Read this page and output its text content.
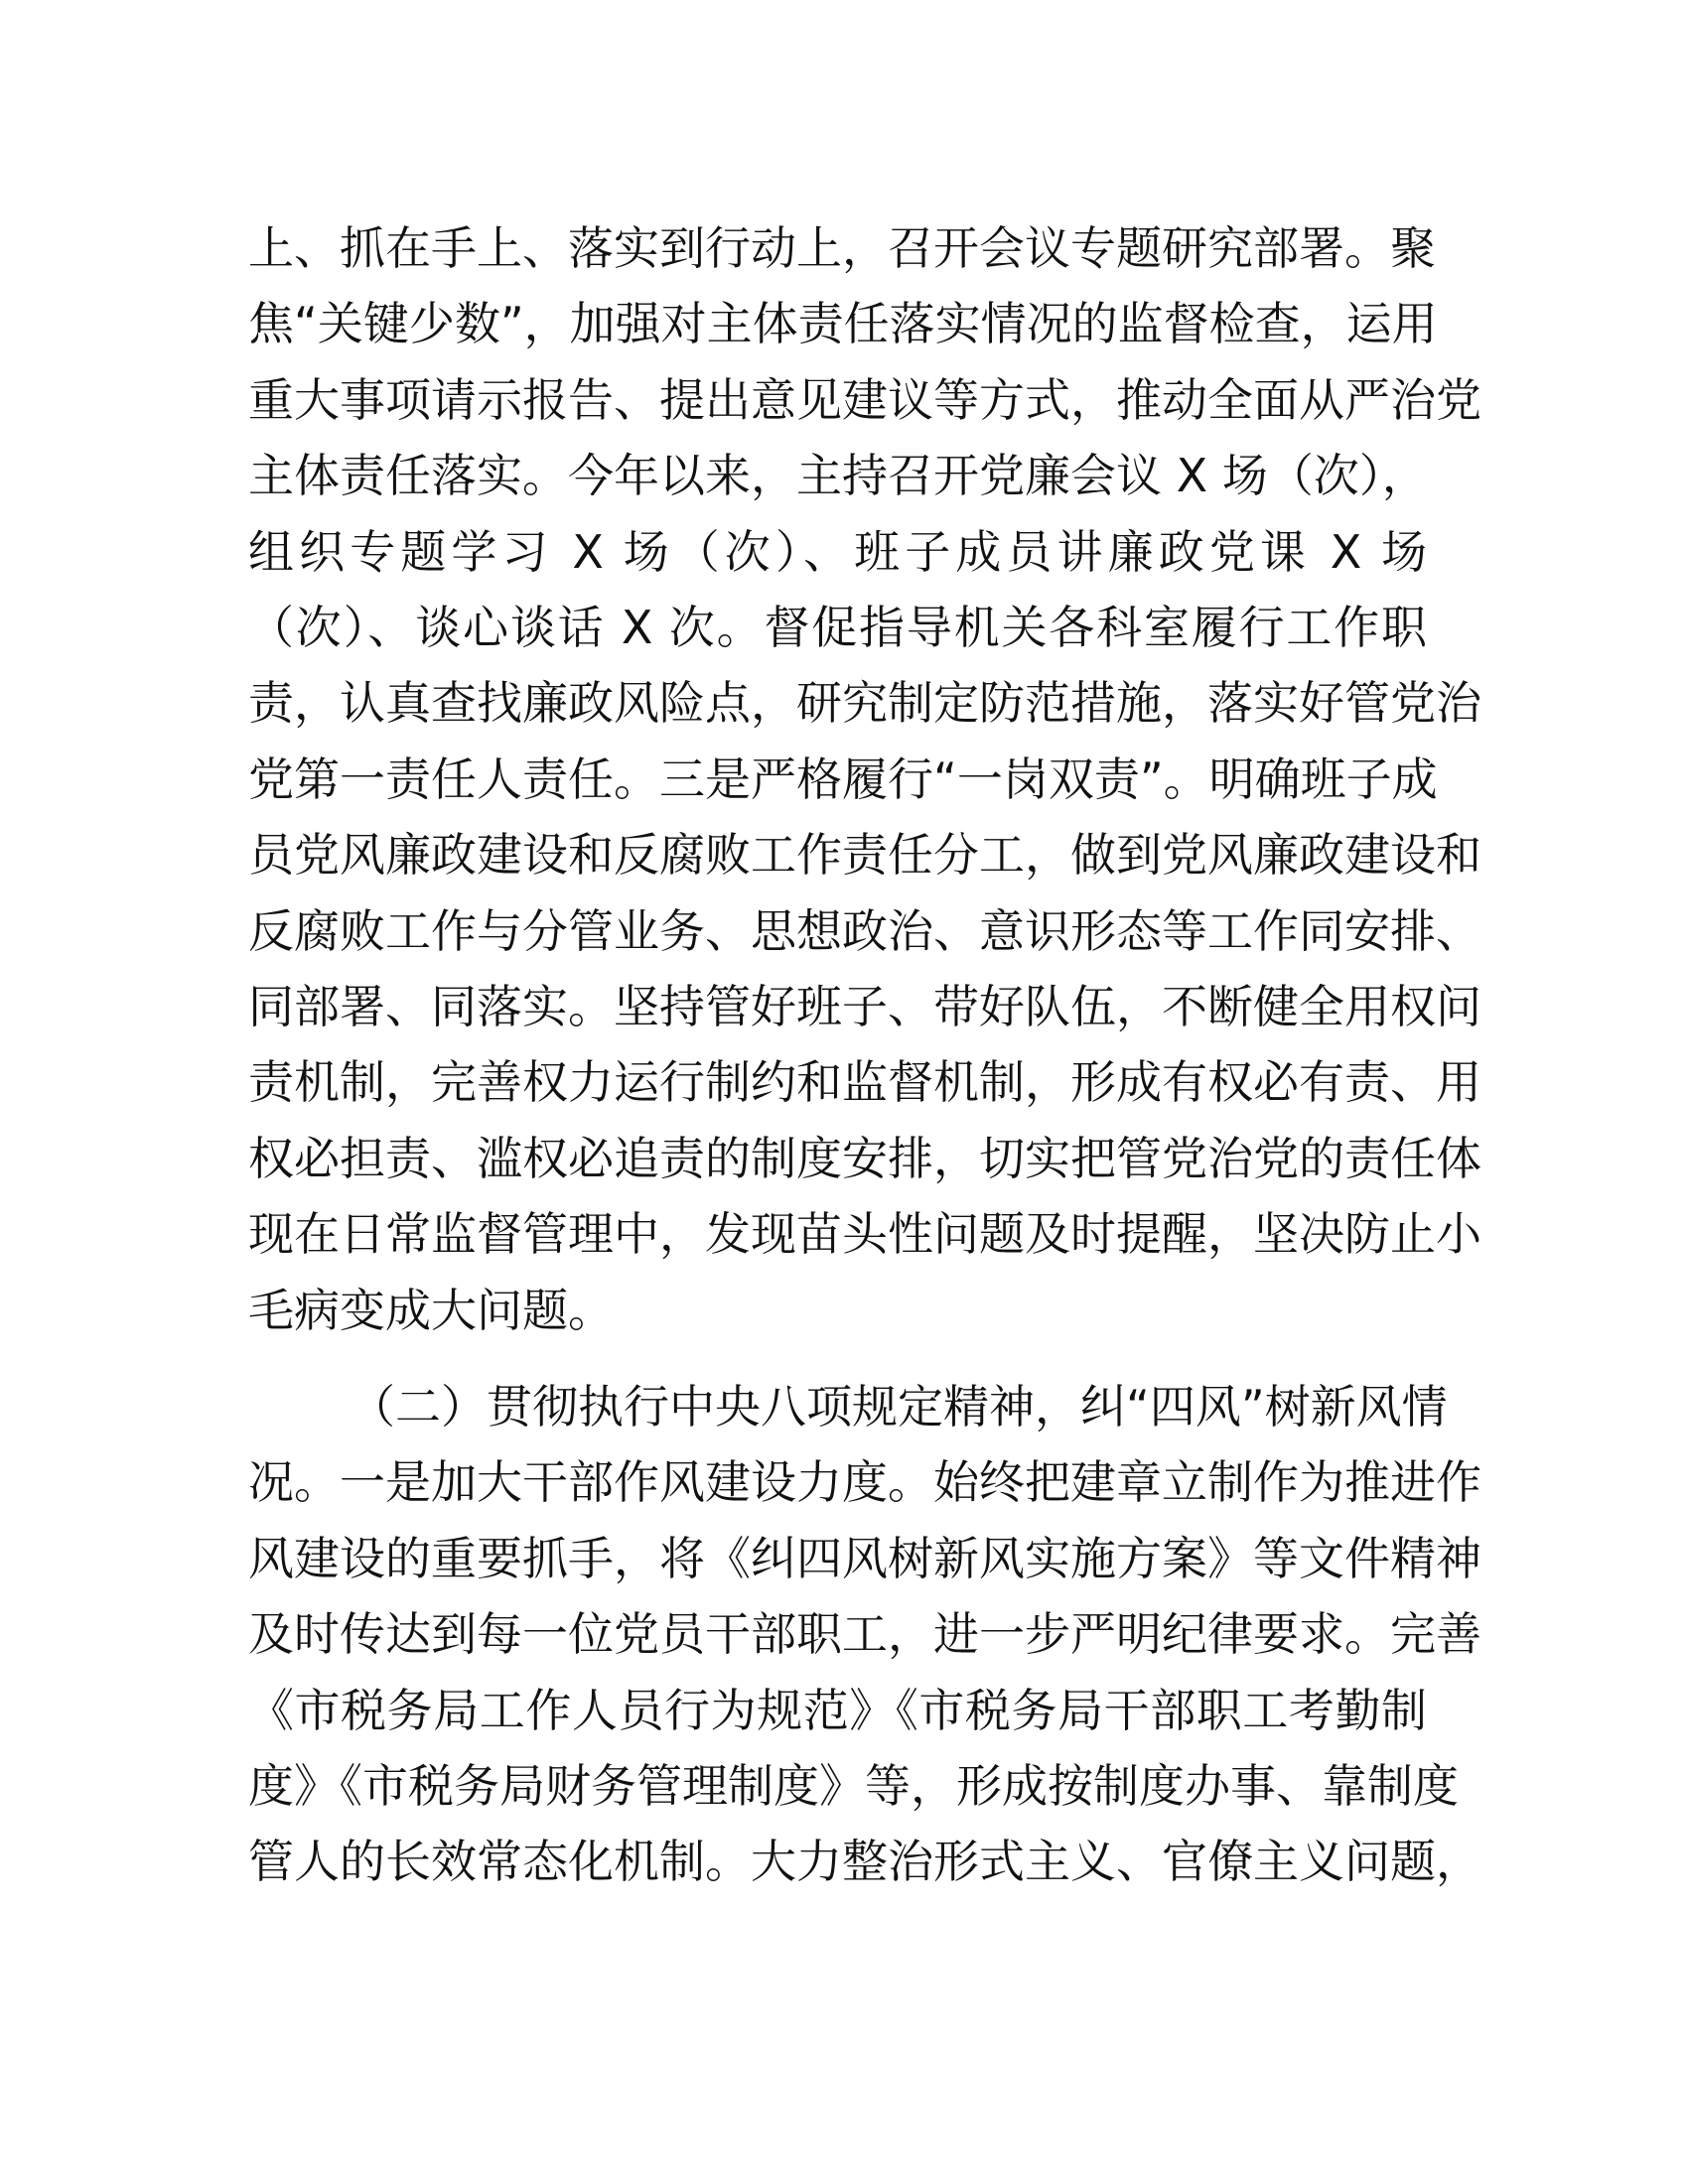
上、抓在手上、落实到行动上，召开会议专题研究部署。聚
焦“关键少数”，加强对主体责任落实情况的监督检查，运用
重大事项请示报告、提出意见建议等方式，推动全面从严治党
主体责任落实。今年以来，主持召开党廉会议 X 场（次），
组织专题学习 X 场（次）、班子成员讲廉政党课 X 场
（次）、谈心谈话 X 次。督促指导机关各科室履行工作职
责，认真查找廉政风险点，研究制定防范措施，落实好管党治
党第一责任人责任。三是严格履行“一岗双责”。明确班子成
员党风廉政建设和反腐败工作责任分工，做到党风廉政建设和
反腐败工作与分管业务、思想政治、意识形态等工作同安排、
同部署、同落实。坚持管好班子、带好队伍，不断健全用权问
责机制，完善权力运行制约和监督机制，形成有权必有责、用
权必担责、滥权必追责的制度安排，切实把管党治党的责任体
现在日常监督管理中，发现苗头性问题及时提醒，坚决防止小
毛病变成大问题。
（二）贯彻执行中央八项规定精神，纠“四风”树新风情
况。一是加大干部作风建设力度。始终把建章立制作为推进作
风建设的重要抓手，将《纠四风树新风实施方案》等文件精神
及时传达到每一位党员干部职工，进一步严明纪律要求。完善
《市税务局工作人员行为规范》《市税务局干部职工考勤制
度》《市税务局财务管理制度》等，形成按制度办事、靠制度
管人的长效常态化机制。大力整治形式主义、官僚主义问题，
